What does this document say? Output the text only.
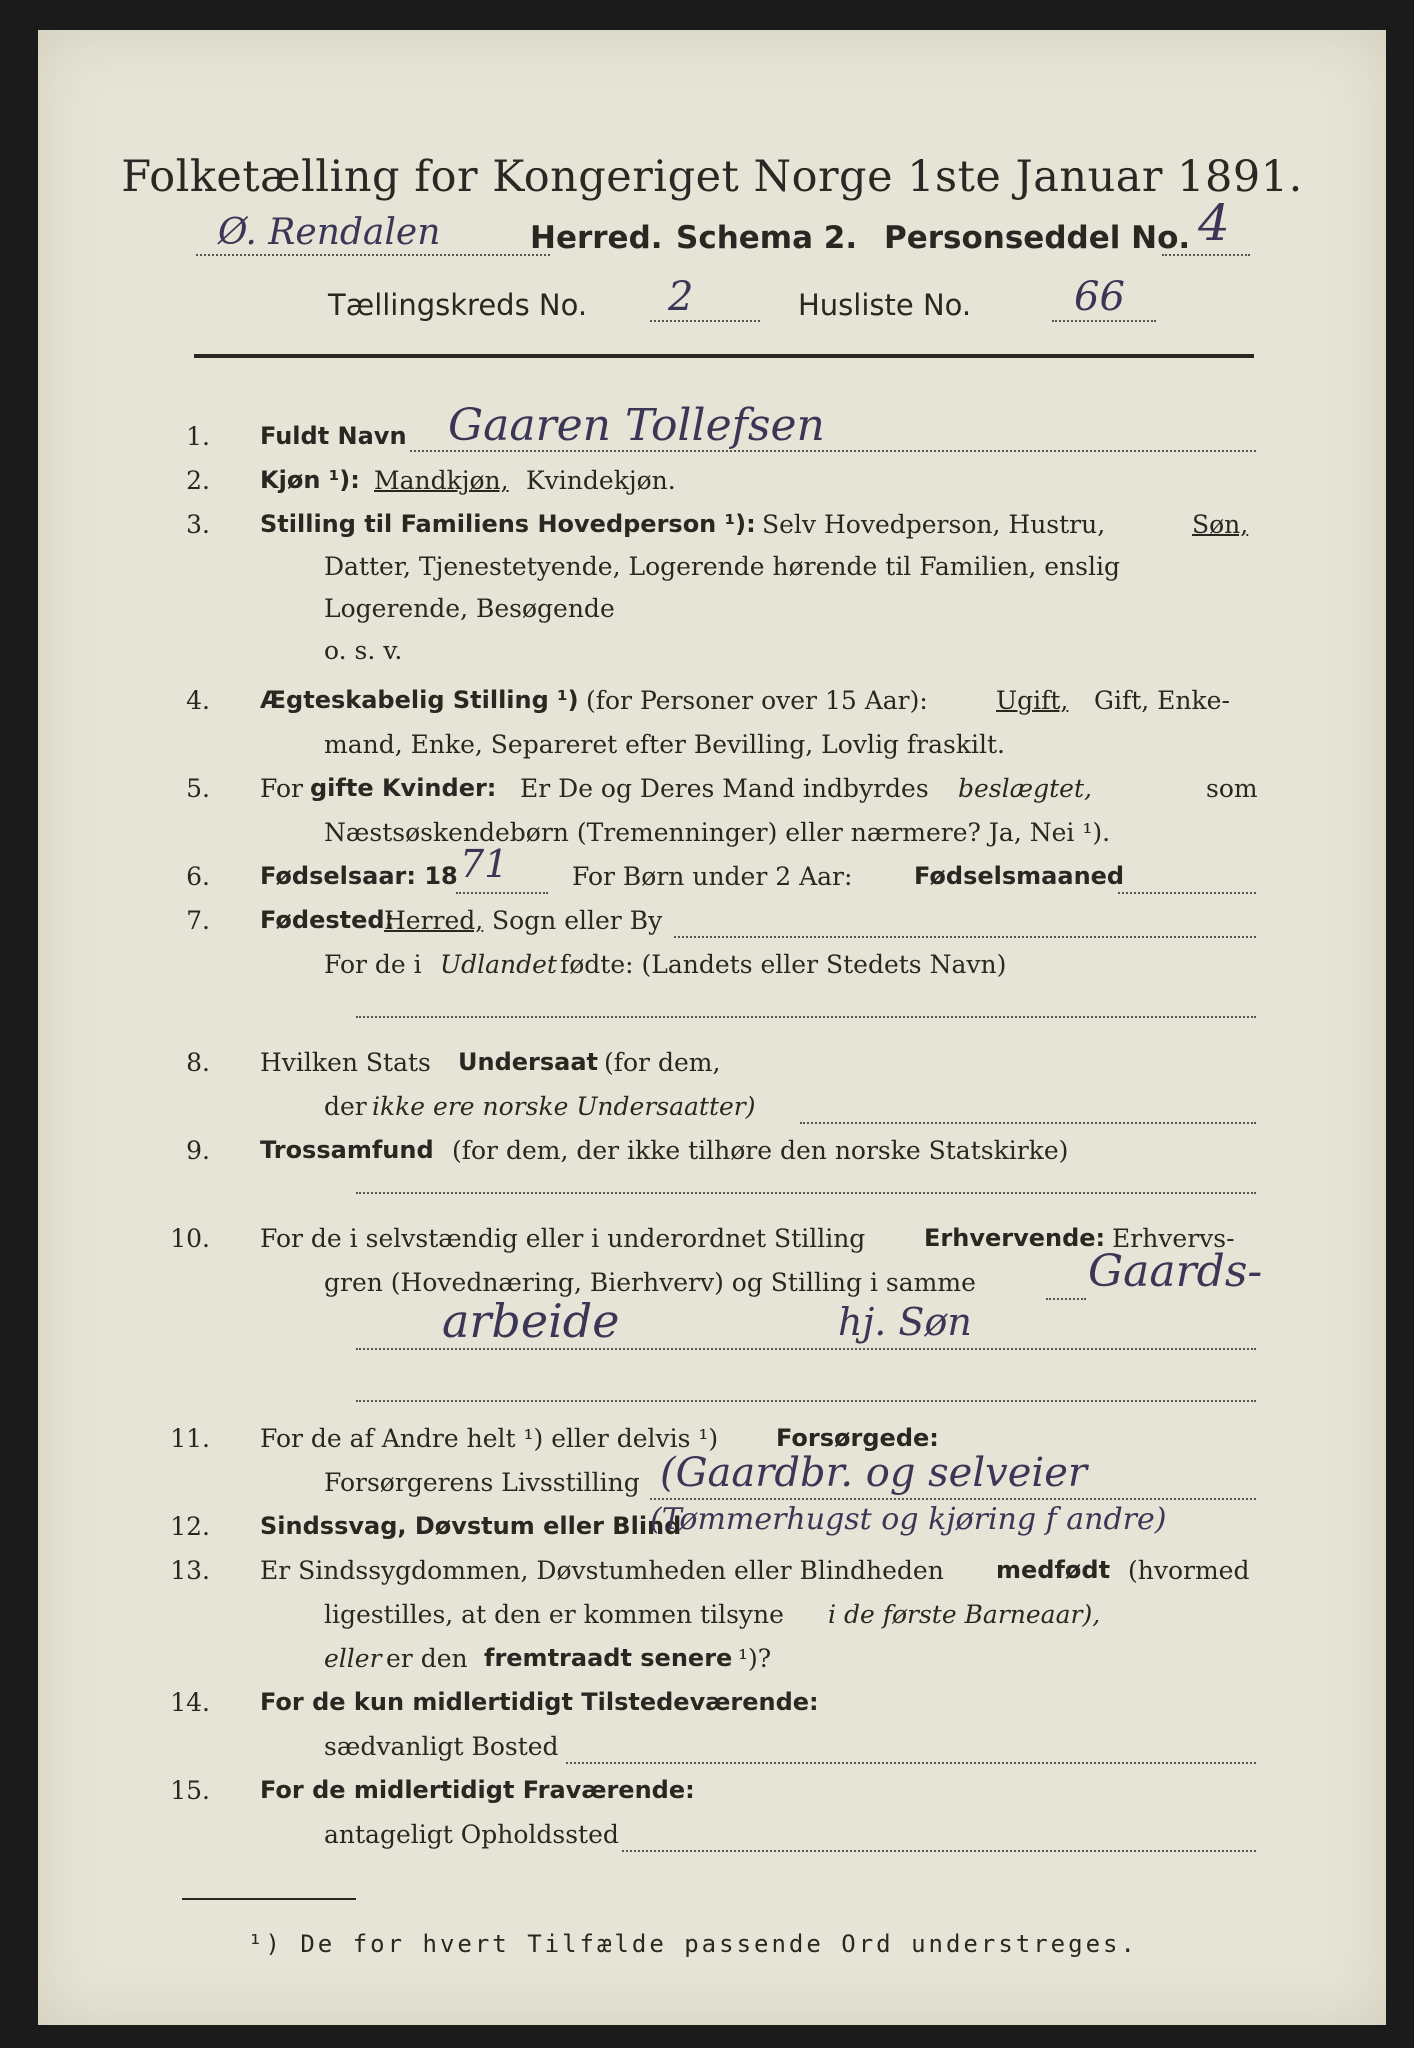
Folketælling for Kongeriget Norge 1ste Januar 1891.
Ø. Rendalen	Herred. Schema 2. Personseddel No. 4
Tællingskreds No. 2	Husliste No.	66
1. Fuldt Navn Gaaren Tollefsen
2. Kjøn ¹): Mandkjøn, Kvindekjøn.
3. Stilling til Familiens Hovedperson ¹): Selv Hovedperson, Hustru,	Søn,
Datter, Tjenestetyende, Logerende hørende til Familien, enslig
Logerende, Besøgende
o. s. v.
4. Ægteskabelig Stilling ¹) (for Personer over 15 Aar):	Ugift, Gift, Enke-
mand, Enke, Separeret efter Bevilling, Lovlig fraskilt.
5. For gifte Kvinder: Er De og Deres Mand indbyrdes beslægtet,	som
Næstsøskendebørn (Tremenninger) eller nærmere? Ja, Nei ¹).
6. Fødselsaar: 18 71	For Børn under 2 Aar:	Fødselsmaaned
7. Fødested:
Herred, Sogn eller By
For de i Udlandet fødte: (Landets eller Stedets Navn)
8. Hvilken Stats Undersaat (for dem,
der ikke ere norske Undersaatter)
9. Trossamfund (for dem, der ikke tilhøre den norske Statskirke)
10. For de i selvstændig eller i underordnet Stilling Erhvervende: Erhvervs-
gren (Hovednæring, Bierhverv) og Stilling i samme	Gaards-
arbeide	hj. Søn
11. For de af Andre helt ¹) eller delvis ¹) Forsørgede:
Forsørgerens Livsstilling (Gaardbr. og selveier
12. Sindssvag, Døvstum eller Blind
(Tømmerhugst og kjøring f andre)
13. Er Sindssygdommen, Døvstumheden eller Blindheden medfødt (hvormed
ligestilles, at den er kommen tilsyne i de første Barneaar),
eller er den fremtraadt senere ¹)?
14. For de kun midlertidigt Tilstedeværende:
sædvanligt Bosted
15. For de midlertidigt Fraværende:
antageligt Opholdssted
¹) De for hvert Tilfælde passende Ord understreges.
